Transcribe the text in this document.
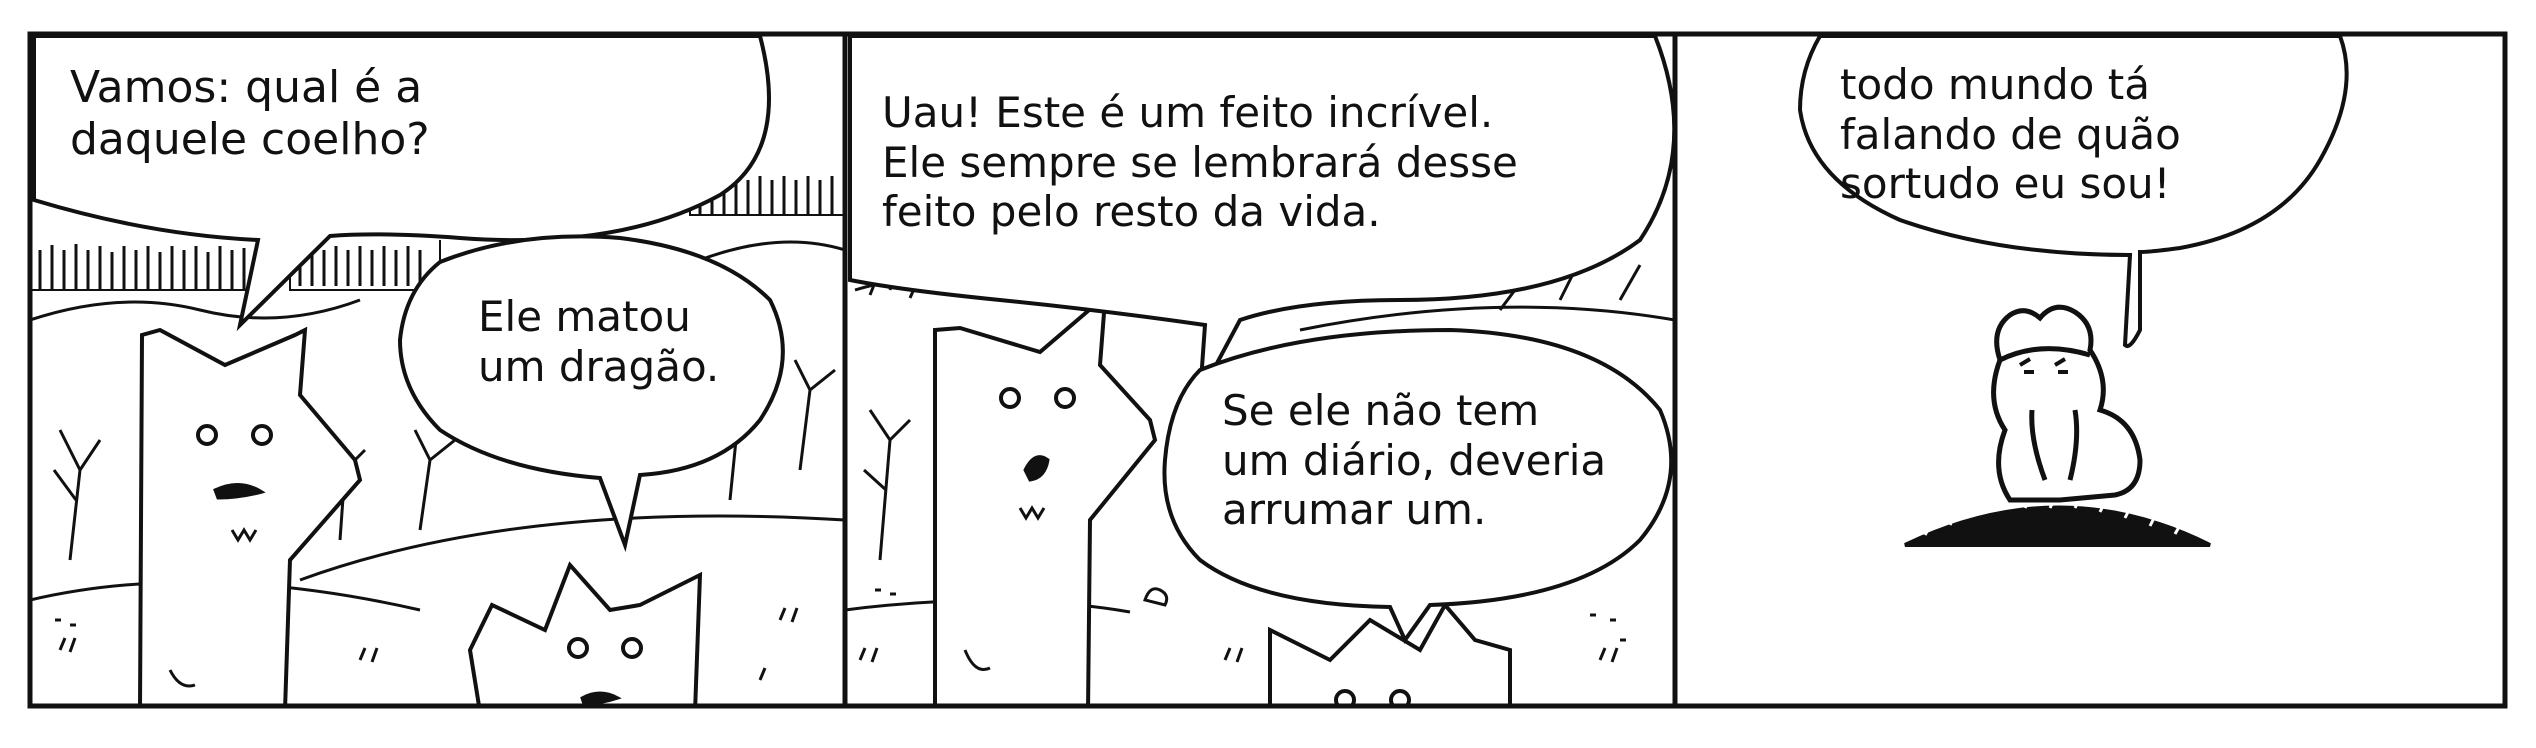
Vamos: qual é a
daquele coelho?
Ele matou
um dragão.
Uau! Este é um feito incrível.
Ele sempre se lembrará desse
feito pelo resto da vida.
Se ele não tem
um diário, deveria
arrumar um.
todo mundo tá
falando de quão
sortudo eu sou!
